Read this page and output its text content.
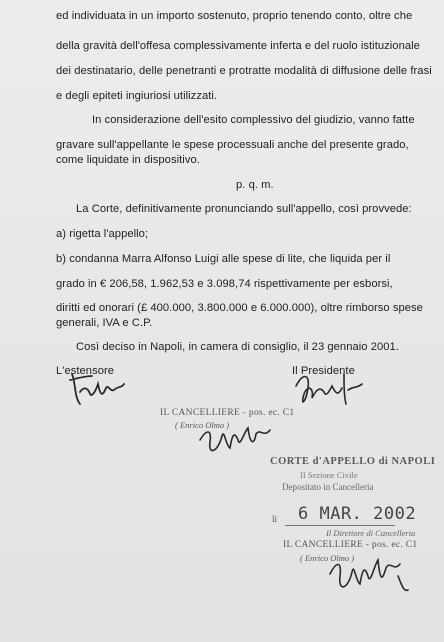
ed individuata in un importo sostenuto, proprio tenendo conto, oltre che
della gravità dell'offesa complessivamente inferta e del ruolo istituzionale
dei destinatario, delle penetranti e protratte modalità di diffusione delle frasi
e degli epiteti ingiuriosi utilizzati.
In considerazione dell'esito complessivo del giudizio, vanno fatte
gravare sull'appellante le spese processuali anche del presente grado,
come liquidate in dispositivo.
p. q. m.
La Corte, definitivamente pronunciando sull'appello, così provvede:
a) rigetta l'appello;
b) condanna Marra Alfonso Luigi alle spese di lite, che liquida per il
grado in € 206,58, 1.962,53 e 3.098,74 rispettivamente per esborsi,
diritti ed onorari (£ 400.000, 3.800.000 e 6.000.000), oltre rimborso spese
generali, IVA e C.P.
Così deciso in Napoli, in camera di consiglio, il 23 gennaio 2001.
L'estensore	Il Presidente
IL CANCELLIERE - pos. ec. C1
( Enrico Olmo )
CORTE d'APPELLO di NAPOLI
II Sezione Civile
Depositato in Cancelleria
li 6 MAR. 2002
Il Direttore di Cancelleria
IL CANCELLIERE - pos. ec. C1
( Enrico Olmo )
